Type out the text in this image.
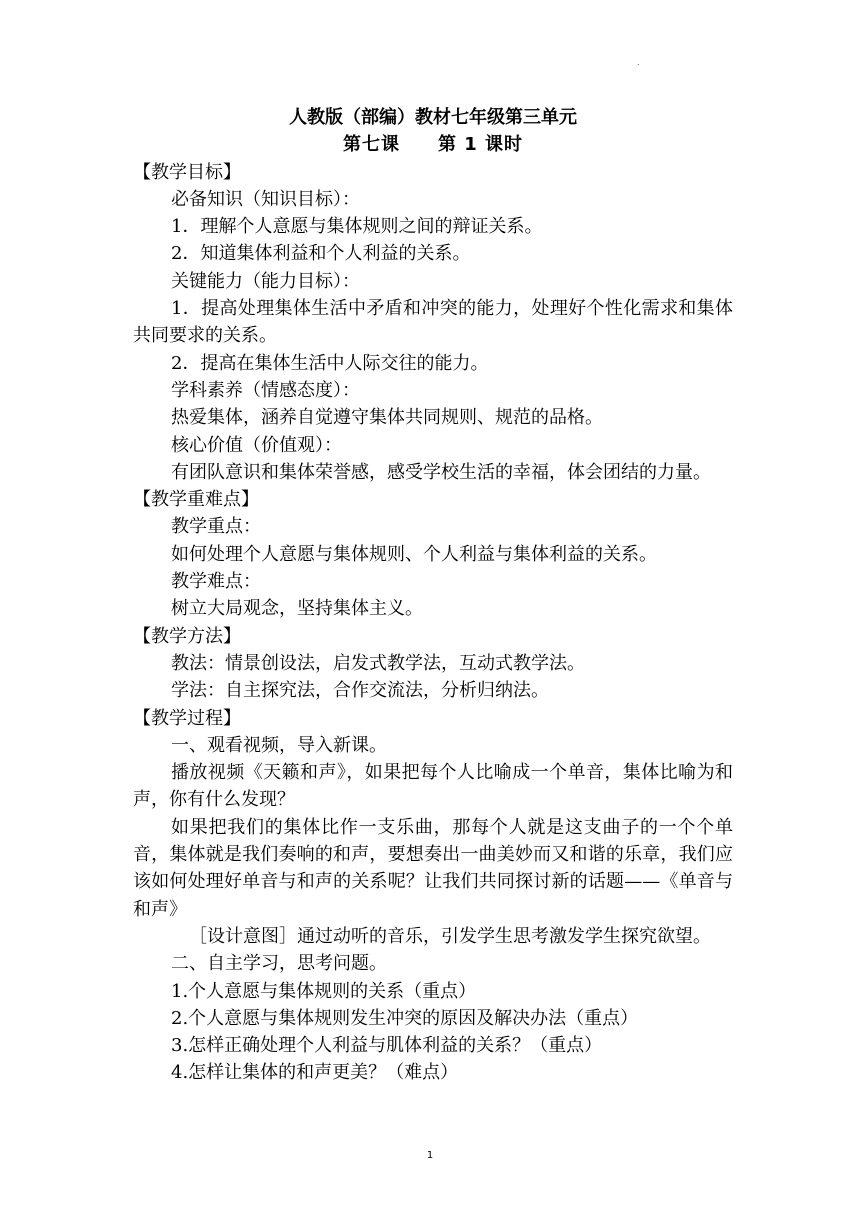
.
人教版（部编）教材七年级第三单元
第七课　　第 1 课时
【教学目标】
必备知识（知识目标）：
1．理解个人意愿与集体规则之间的辩证关系。
2．知道集体利益和个人利益的关系。
关键能力（能力目标）：
1．提高处理集体生活中矛盾和冲突的能力，处理好个性化需求和集体共同要求的关系。
2．提高在集体生活中人际交往的能力。
学科素养（情感态度）：
热爱集体，涵养自觉遵守集体共同规则、规范的品格。
核心价值（价值观）：
有团队意识和集体荣誉感，感受学校生活的幸福，体会团结的力量。
【教学重难点】
教学重点：
如何处理个人意愿与集体规则、个人利益与集体利益的关系。
教学难点：
树立大局观念，坚持集体主义。
【教学方法】
教法：情景创设法，启发式教学法，互动式教学法。
学法：自主探究法，合作交流法，分析归纳法。
【教学过程】
一、观看视频，导入新课。
播放视频《天籁和声》，如果把每个人比喻成一个单音，集体比喻为和声，你有什么发现？
如果把我们的集体比作一支乐曲，那每个人就是这支曲子的一个个单音，集体就是我们奏响的和声，要想奏出一曲美妙而又和谐的乐章，我们应该如何处理好单音与和声的关系呢？让我们共同探讨新的话题——《单音与和声》
［设计意图］通过动听的音乐，引发学生思考激发学生探究欲望。
二、自主学习，思考问题。
1.个人意愿与集体规则的关系（重点）
2.个人意愿与集体规则发生冲突的原因及解决办法（重点）
3.怎样正确处理个人利益与肌体利益的关系？（重点）
4.怎样让集体的和声更美？（难点）
1
